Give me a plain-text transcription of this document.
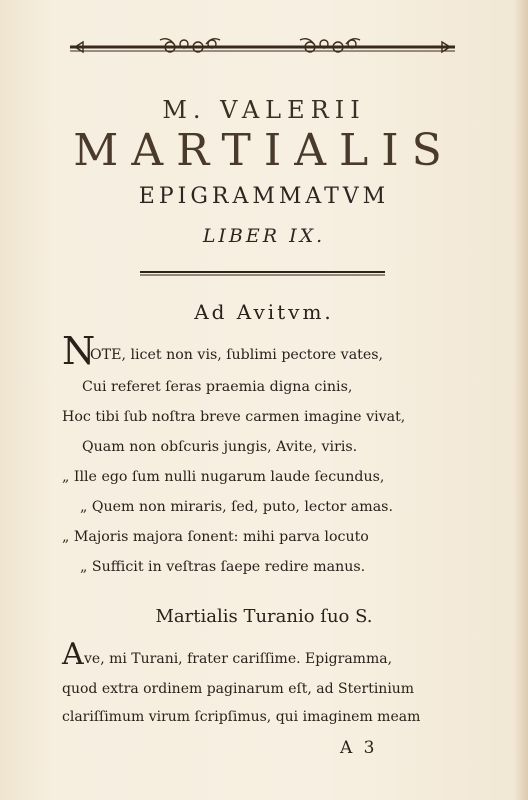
M. VALERII
MARTIALIS
EPIGRAMMATVM
LIBER IX.
Ad Avitvm.
N
OTE, licet non vis, ſublimi pectore vates,
Cui referet ſeras praemia digna cinis,
Hoc tibi ſub noſtra breve carmen imagine vivat,
Quam non obſcuris jungis, Avite, viris.
„ Ille ego ſum nulli nugarum laude ſecundus,
„ Quem non miraris, ſed, puto, lector amas.
„ Majoris majora ſonent: mihi parva locuto
„ Sufficit in veſtras ſaepe redire manus.
Martialis Turanio ſuo S.
A ve, mi Turani, frater cariſſime. Epigramma,
quod extra ordinem paginarum eſt, ad Stertinium
clariſſimum virum ſcripſimus, qui imaginem meam
A 3
